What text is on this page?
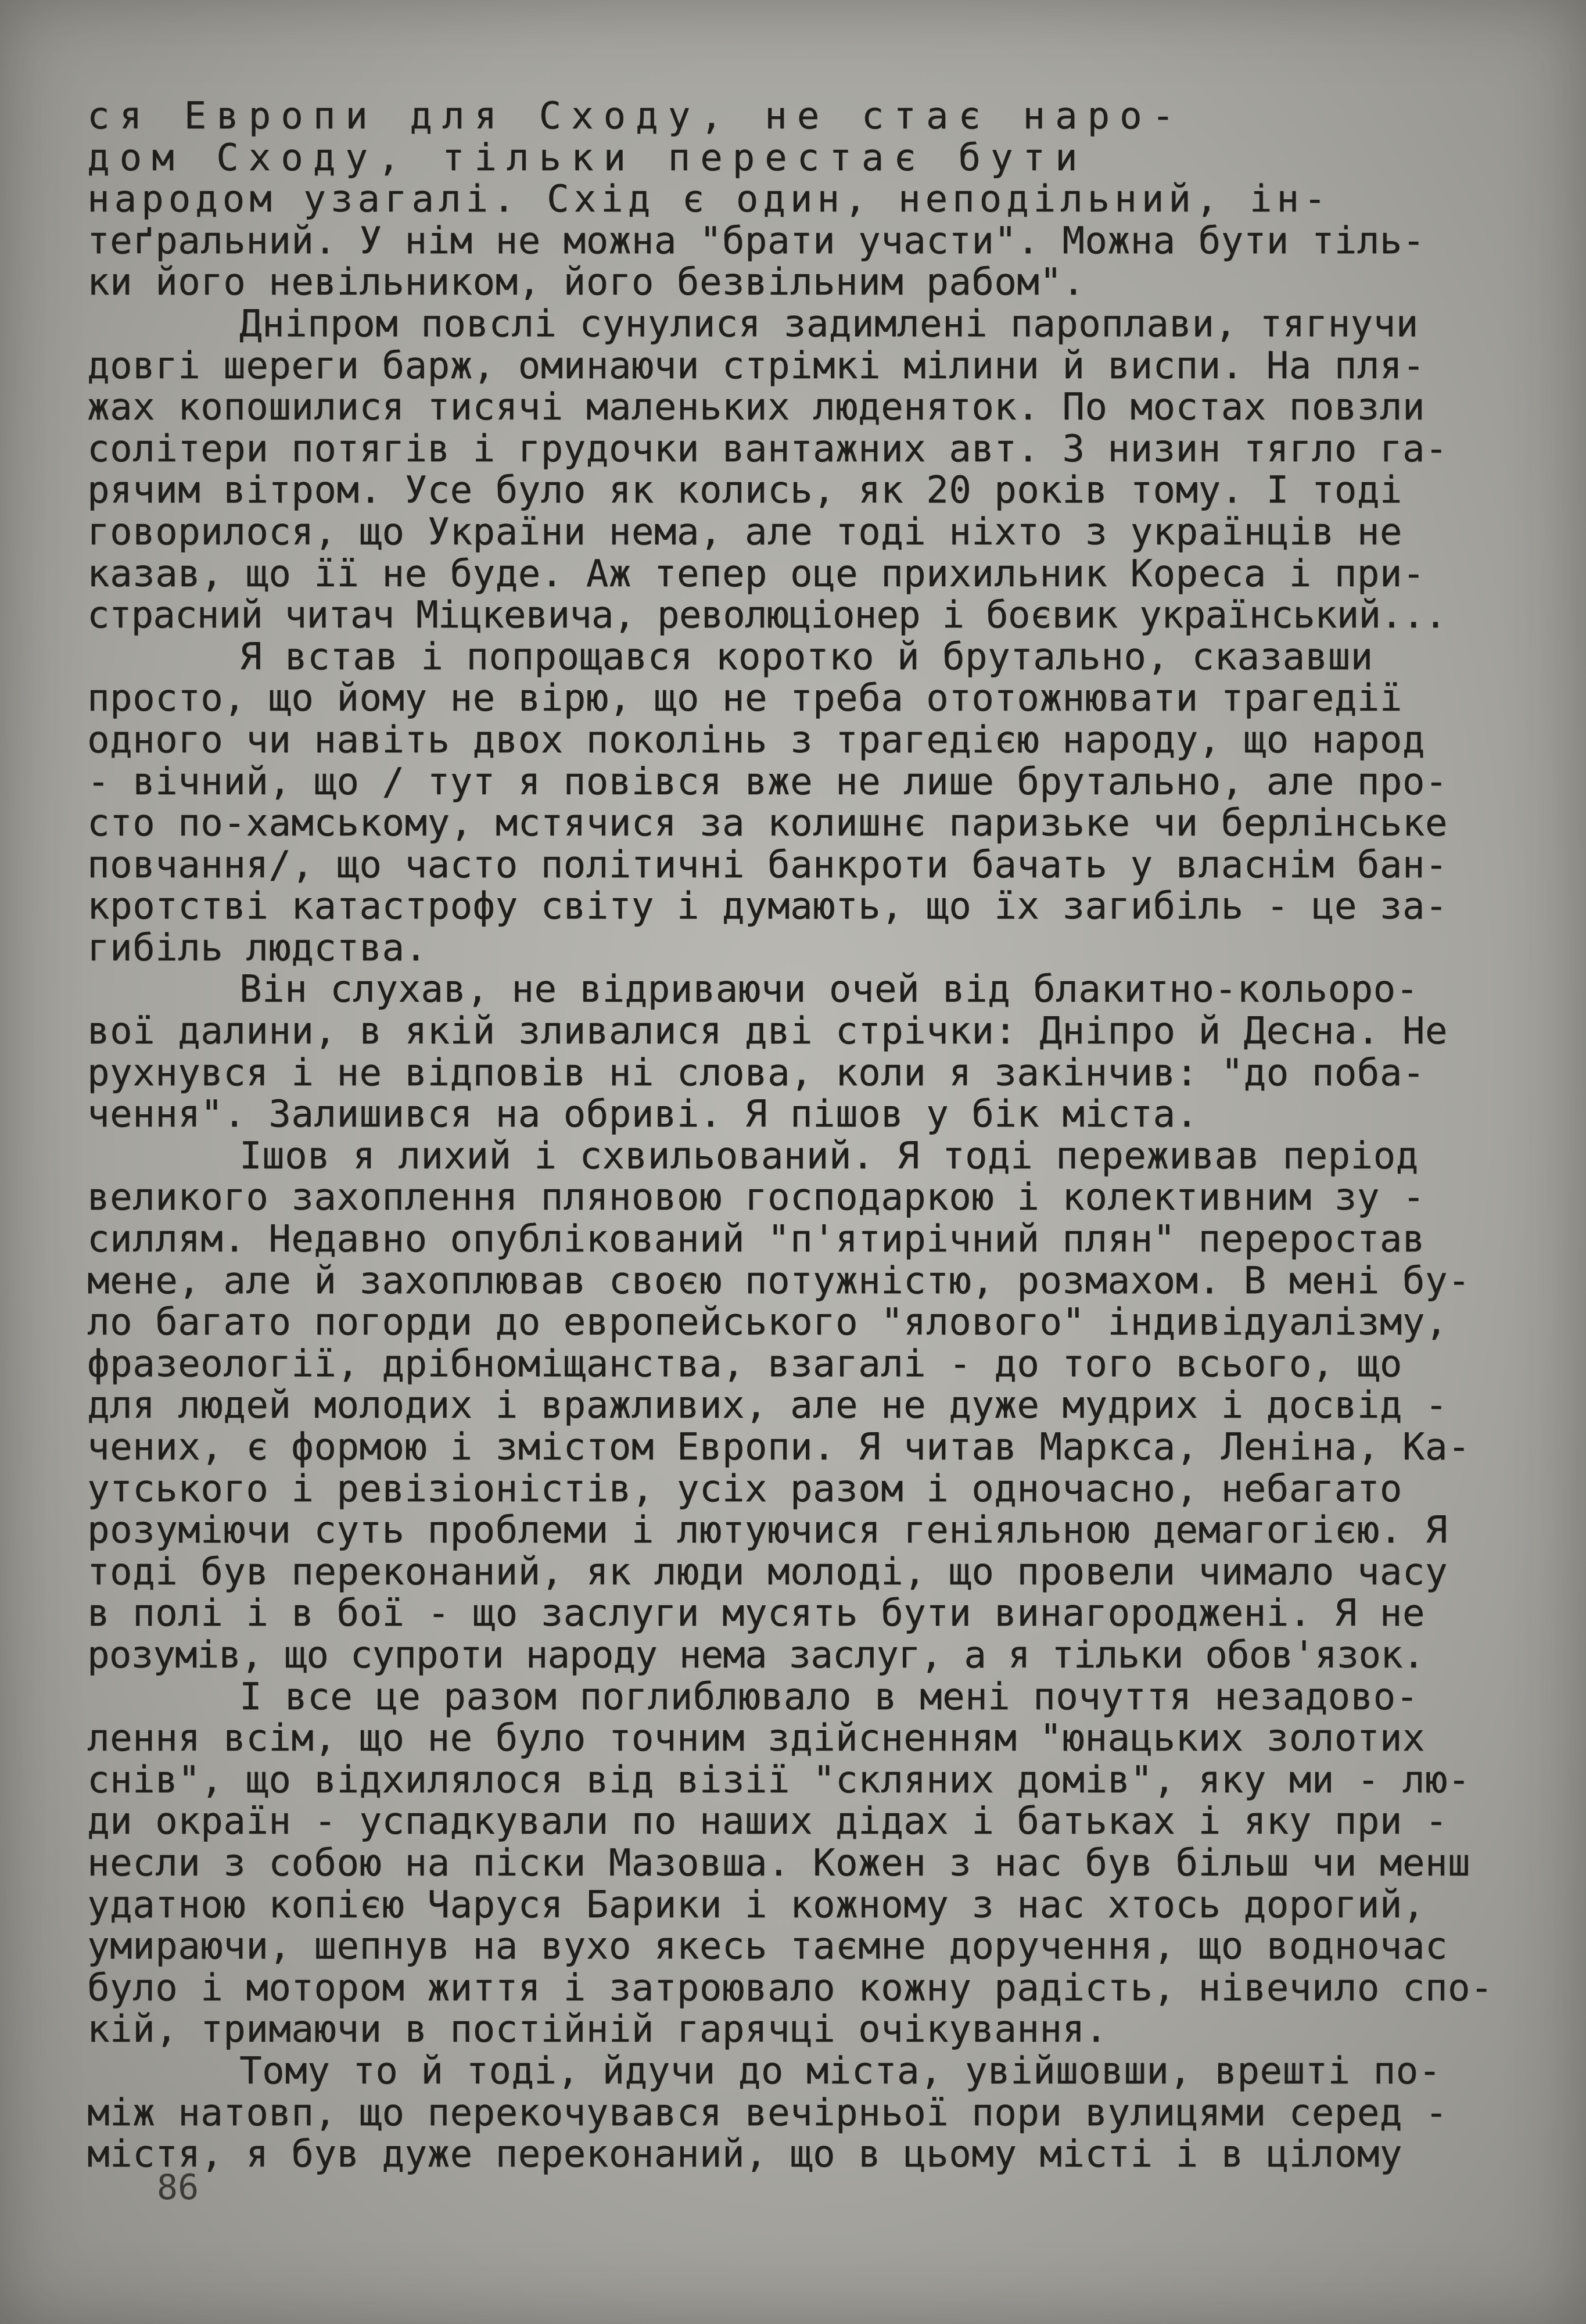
ся Европи для Сходу, не стає наро-
дом Сходу, тільки перестає бути
народом узагалі. Схід є один, неподільний, ін-
теґральний. У нім не можна "брати участи". Можна бути тіль-
ки його невільником, його безвільним рабом".
Дніпром повслі сунулися задимлені пароплави, тягнучи
довгі шереги барж, оминаючи стрімкі мілини й виспи. На пля-
жах копошилися тисячі маленьких люденяток. По мостах повзли
солітери потягів і грудочки вантажних авт. З низин тягло га-
рячим вітром. Усе було як колись, як 20 років тому. І тоді
говорилося, що України нема, але тоді ніхто з українців не
казав, що її не буде. Аж тепер оце прихильник Кореса і при-
страсний читач Міцкевича, революціонер і боєвик український...
Я встав і попрощався коротко й брутально, сказавши
просто, що йому не вірю, що не треба ототожнювати трагедії
одного чи навіть двох поколінь з трагедією народу, що народ
- вічний, що / тут я повівся вже не лише брутально, але про-
сто по-хамському, мстячися за колишнє паризьке чи берлінське
повчання/, що часто політичні банкроти бачать у власнім бан-
кротстві катастрофу світу і думають, що їх загибіль - це за-
гибіль людства.
Він слухав, не відриваючи очей від блакитно-кольоро-
вої далини, в якій зливалися дві стрічки: Дніпро й Десна. Не
рухнувся і не відповів ні слова, коли я закінчив: "до поба-
чення". Залишився на обриві. Я пішов у бік міста.
Ішов я лихий і схвильований. Я тоді переживав період
великого захоплення пляновою господаркою і колективним зу -
силлям. Недавно опублікований "п'ятирічний плян" переростав
мене, але й захоплював своєю потужністю, розмахом. В мені бу-
ло багато погорди до европейського "ялового" індивідуалізму,
фразеології, дрібноміщанства, взагалі - до того всього, що
для людей молодих і вражливих, але не дуже мудрих і досвід -
чених, є формою і змістом Европи. Я читав Маркса, Леніна, Ка-
утського і ревізіоністів, усіх разом і одночасно, небагато
розуміючи суть проблеми і лютуючися геніяльною демагогією. Я
тоді був переконаний, як люди молоді, що провели чимало часу
в полі і в бої - що заслуги мусять бути винагороджені. Я не
розумів, що супроти народу нема заслуг, а я тільки обов'язок.
І все це разом поглиблювало в мені почуття незадово-
лення всім, що не було точним здійсненням "юнацьких золотих
снів", що відхилялося від візії "скляних домів", яку ми - лю-
ди окраїн - успадкували по наших дідах і батьках і яку при -
несли з собою на піски Мазовша. Кожен з нас був більш чи менш
удатною копією Чаруся Барики і кожному з нас хтось дорогий,
умираючи, шепнув на вухо якесь таємне доручення, що водночас
було і мотором життя і затроювало кожну радість, нівечило спо-
кій, тримаючи в постійній гарячці очікування.
Тому то й тоді, йдучи до міста, увійшовши, врешті по-
між натовп, що перекочувався вечірньої пори вулицями серед -
містя, я був дуже переконаний, що в цьому місті і в цілому
86
